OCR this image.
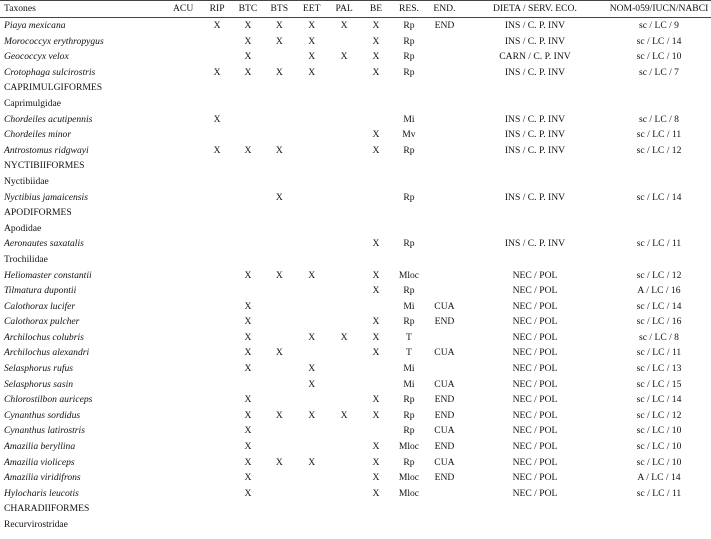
Taxones	ACU	RIP	BTC	BTS	EET	PAL	BE	RES.	END.	DIETA / SERV. ECO.	NOM-059/IUCN/NABCI
Piaya mexicana		X	X	X	X	X	X	Rp	END	INS / C. P. INV	sc / LC / 9
Morococcyx erythropygus			X	X	X		X	Rp		INS / C. P. INV	sc / LC / 14
Geococcyx velox			X		X	X	X	Rp		CARN / C. P. INV	sc / LC / 10
Crotophaga sulcirostris		X	X	X	X		X	Rp		INS / C. P. INV	sc / LC / 7
CAPRIMULGIFORMES											
Caprimulgidae											
Chordeiles acutipennis		X						Mi		INS / C. P. INV	sc / LC / 8
Chordeiles minor							X	Mv		INS / C. P. INV	sc / LC / 11
Antrostomus ridgwayi		X	X	X			X	Rp		INS / C. P. INV	sc / LC / 12
NYCTIBIIFORMES											
Nyctibiidae											
Nyctibius jamaicensis				X				Rp		INS / C. P. INV	sc / LC / 14
APODIFORMES											
Apodidae											
Aeronautes saxatalis							X	Rp		INS / C. P. INV	sc / LC / 11
Trochilidae											
Heliomaster constantii			X	X	X		X	Mloc		NEC / POL	sc / LC / 12
Tilmatura dupontii							X	Rp		NEC / POL	A / LC / 16
Calothorax lucifer			X					Mi	CUA	NEC / POL	sc / LC / 14
Calothorax pulcher			X				X	Rp	END	NEC / POL	sc / LC / 16
Archilochus colubris			X		X	X	X	T		NEC / POL	sc / LC / 8
Archilochus alexandri			X	X			X	T	CUA	NEC / POL	sc / LC / 11
Selasphorus rufus			X		X			Mi		NEC / POL	sc / LC / 13
Selasphorus sasin					X			Mi	CUA	NEC / POL	sc / LC / 15
Chlorostilbon auriceps			X				X	Rp	END	NEC / POL	sc / LC / 14
Cynanthus sordidus			X	X	X	X	X	Rp	END	NEC / POL	sc / LC / 12
Cynanthus latirostris			X					Rp	CUA	NEC / POL	sc / LC / 10
Amazilia beryllina			X				X	Mloc	END	NEC / POL	sc / LC / 10
Amazilia violiceps			X	X	X		X	Rp	CUA	NEC / POL	sc / LC / 10
Amazilia viridifrons			X				X	Mloc	END	NEC / POL	A / LC / 14
Hylocharis leucotis			X				X	Mloc		NEC / POL	sc / LC / 11
CHARADIIFORMES											
Recurvirostridae											
